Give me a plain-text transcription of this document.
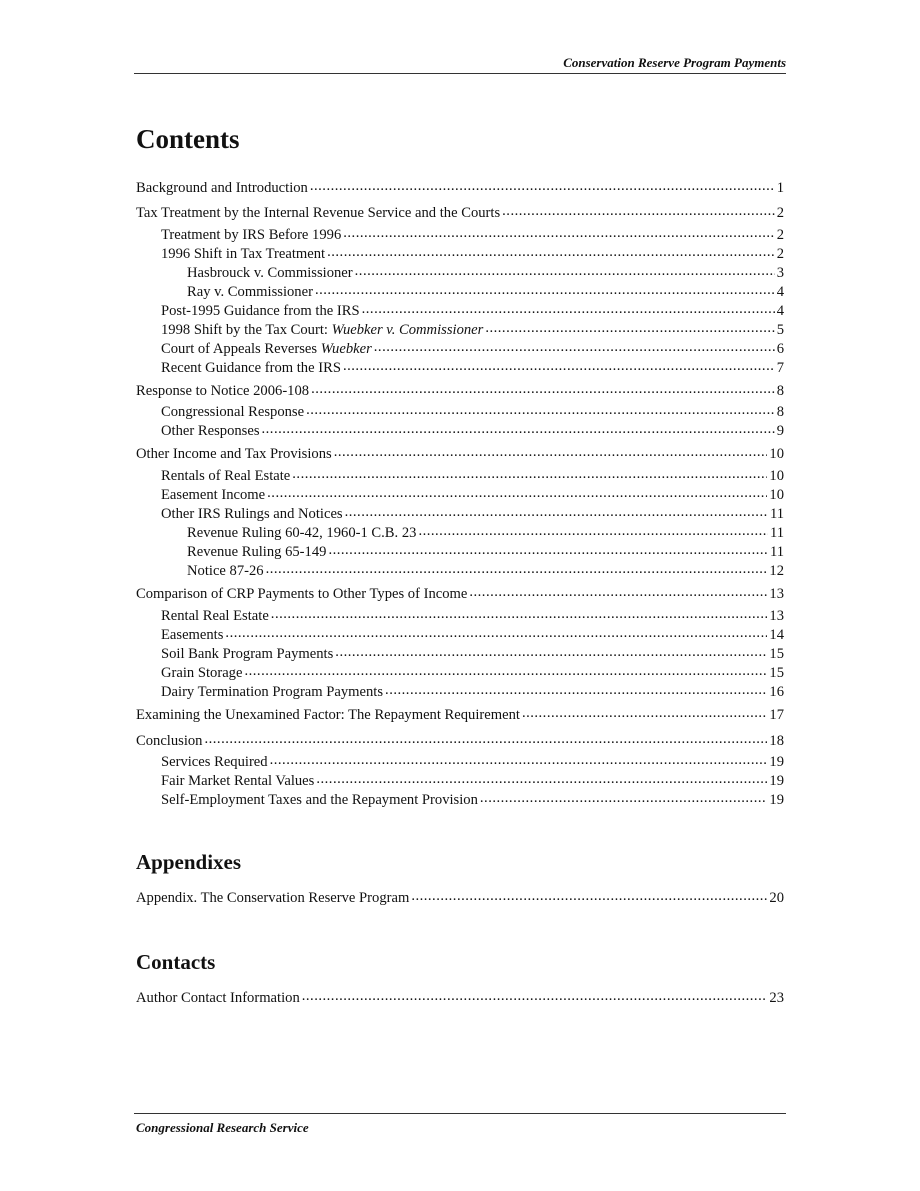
Conservation Reserve Program Payments
Contents
Background and Introduction .....	1
Tax Treatment by the Internal Revenue Service and the Courts .....	2
Treatment by IRS Before 1996 .....	2
1996 Shift in Tax Treatment .....	2
Hasbrouck v. Commissioner .....	3
Ray v. Commissioner .....	4
Post-1995 Guidance from the IRS .....	4
1998 Shift by the Tax Court: Wuebker v. Commissioner .....	5
Court of Appeals Reverses Wuebker .....	6
Recent Guidance from the IRS .....	7
Response to Notice 2006-108 .....	8
Congressional Response .....	8
Other Responses .....	9
Other Income and Tax Provisions .....	10
Rentals of Real Estate .....	10
Easement Income .....	10
Other IRS Rulings and Notices .....	11
Revenue Ruling 60-42, 1960-1 C.B. 23 .....	11
Revenue Ruling 65-149 .....	11
Notice 87-26 .....	12
Comparison of CRP Payments to Other Types of Income .....	13
Rental Real Estate .....	13
Easements .....	14
Soil Bank Program Payments .....	15
Grain Storage .....	15
Dairy Termination Program Payments .....	16
Examining the Unexamined Factor: The Repayment Requirement .....	17
Conclusion .....	18
Services Required .....	19
Fair Market Rental Values .....	19
Self-Employment Taxes and the Repayment Provision .....	19
Appendixes
Appendix. The Conservation Reserve Program .....	20
Contacts
Author Contact Information .....	23
Congressional Research Service
